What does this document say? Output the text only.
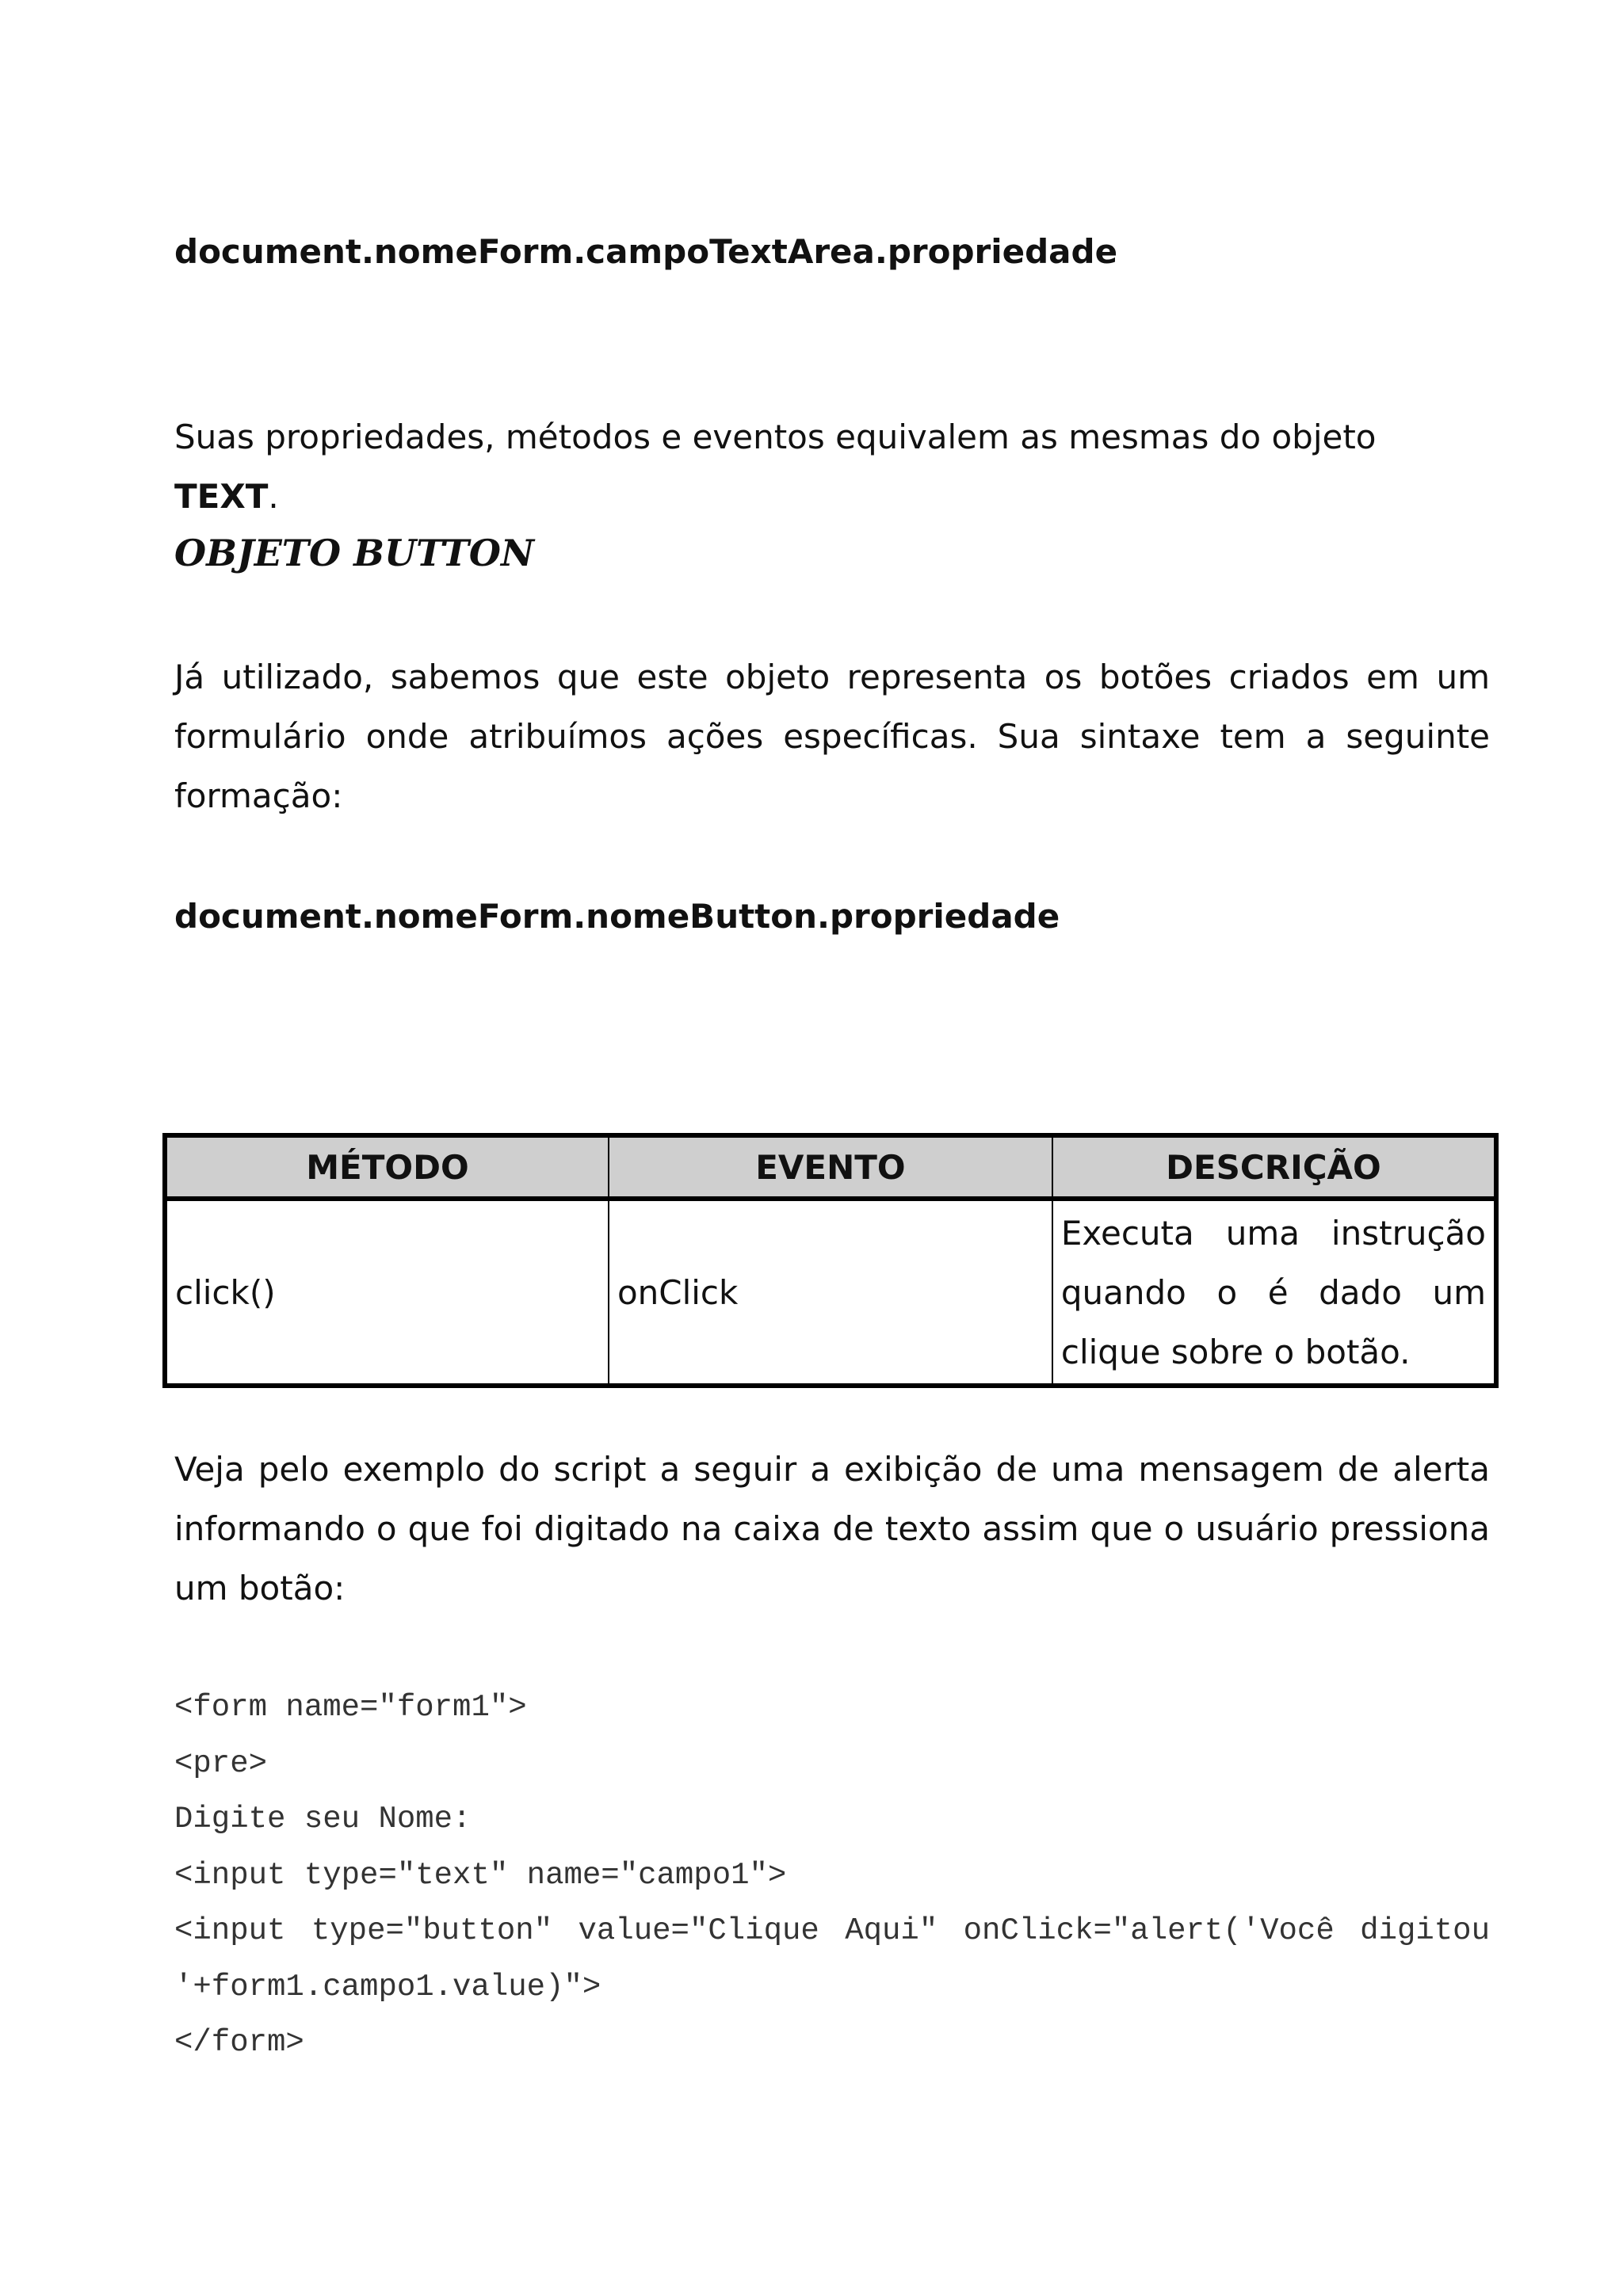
document.nomeForm.campoTextArea.propriedade

Suas propriedades, métodos e eventos equivalem as mesmas do objeto TEXT.

OBJETO BUTTON

Já utilizado, sabemos que este objeto representa os botões criados em um formulário onde atribuímos ações específicas. Sua sintaxe tem a seguinte formação:

document.nomeForm.nomeButton.propriedade

MÉTODO	EVENTO	DESCRIÇÃO
click()	onClick	Executa uma instrução quando o é dado um clique sobre o botão.

Veja pelo exemplo do script a seguir a exibição de uma mensagem de alerta informando o que foi digitado na caixa de texto assim que o usuário pressiona um botão:

<form name="form1">
<pre>
Digite seu Nome:
<input type="text" name="campo1">
<input type="button" value="Clique Aqui" onClick="alert('Você digitou '+form1.campo1.value)">
</form>
